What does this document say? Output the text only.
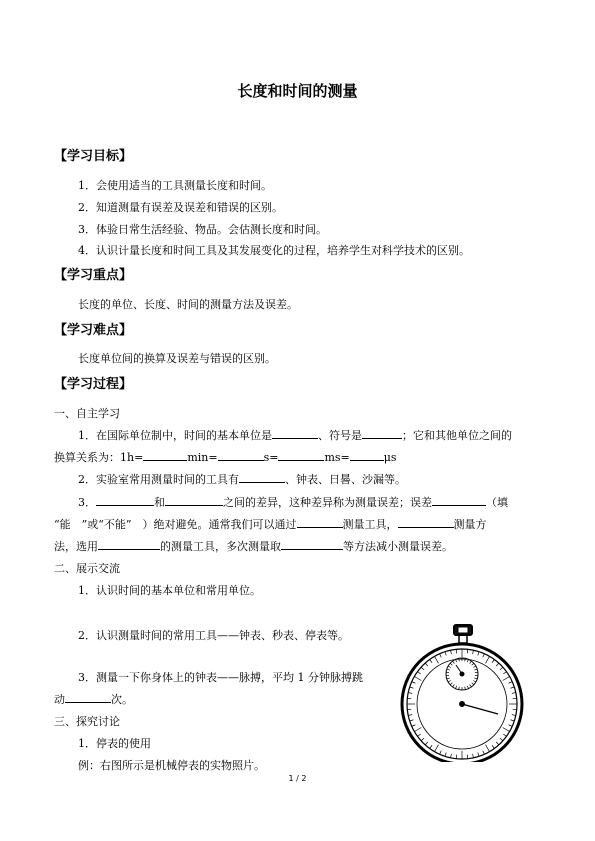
长度和时间的测量
【学习目标】
1．会使用适当的工具测量长度和时间。
2．知道测量有误差及误差和错误的区别。
3．体验日常生活经验、物品。会估测长度和时间。
4．认识计量长度和时间工具及其发展变化的过程，培养学生对科学技术的区别。
【学习重点】
长度的单位、长度、时间的测量方法及误差。
【学习难点】
长度单位间的换算及误差与错误的区别。
【学习过程】
一、自主学习
1．在国际单位制中，时间的基本单位是	、符号是	；它和其他单位之间的
换算关系为：1h=	min=	s=	ms=	μs
2．实验室常用测量时间的工具有	、钟表、日晷、沙漏等。
3．	和	之间的差异，这种差异称为测量误差；误差	（填
“能　”或“不能”　）绝对避免。通常我们可以通过	测量工具，	测量方
法，选用	的测量工具，多次测量取	等方法减小测量误差。
二、展示交流
1．认识时间的基本单位和常用单位。
2．认识测量时间的常用工具——钟表、秒表、停表等。
3．测量一下你身体上的钟表——脉搏，平均 1 分钟脉搏跳
动	次。
三、探究讨论
1．停表的使用
例：右图所示是机械停表的实物照片。
1 / 2
